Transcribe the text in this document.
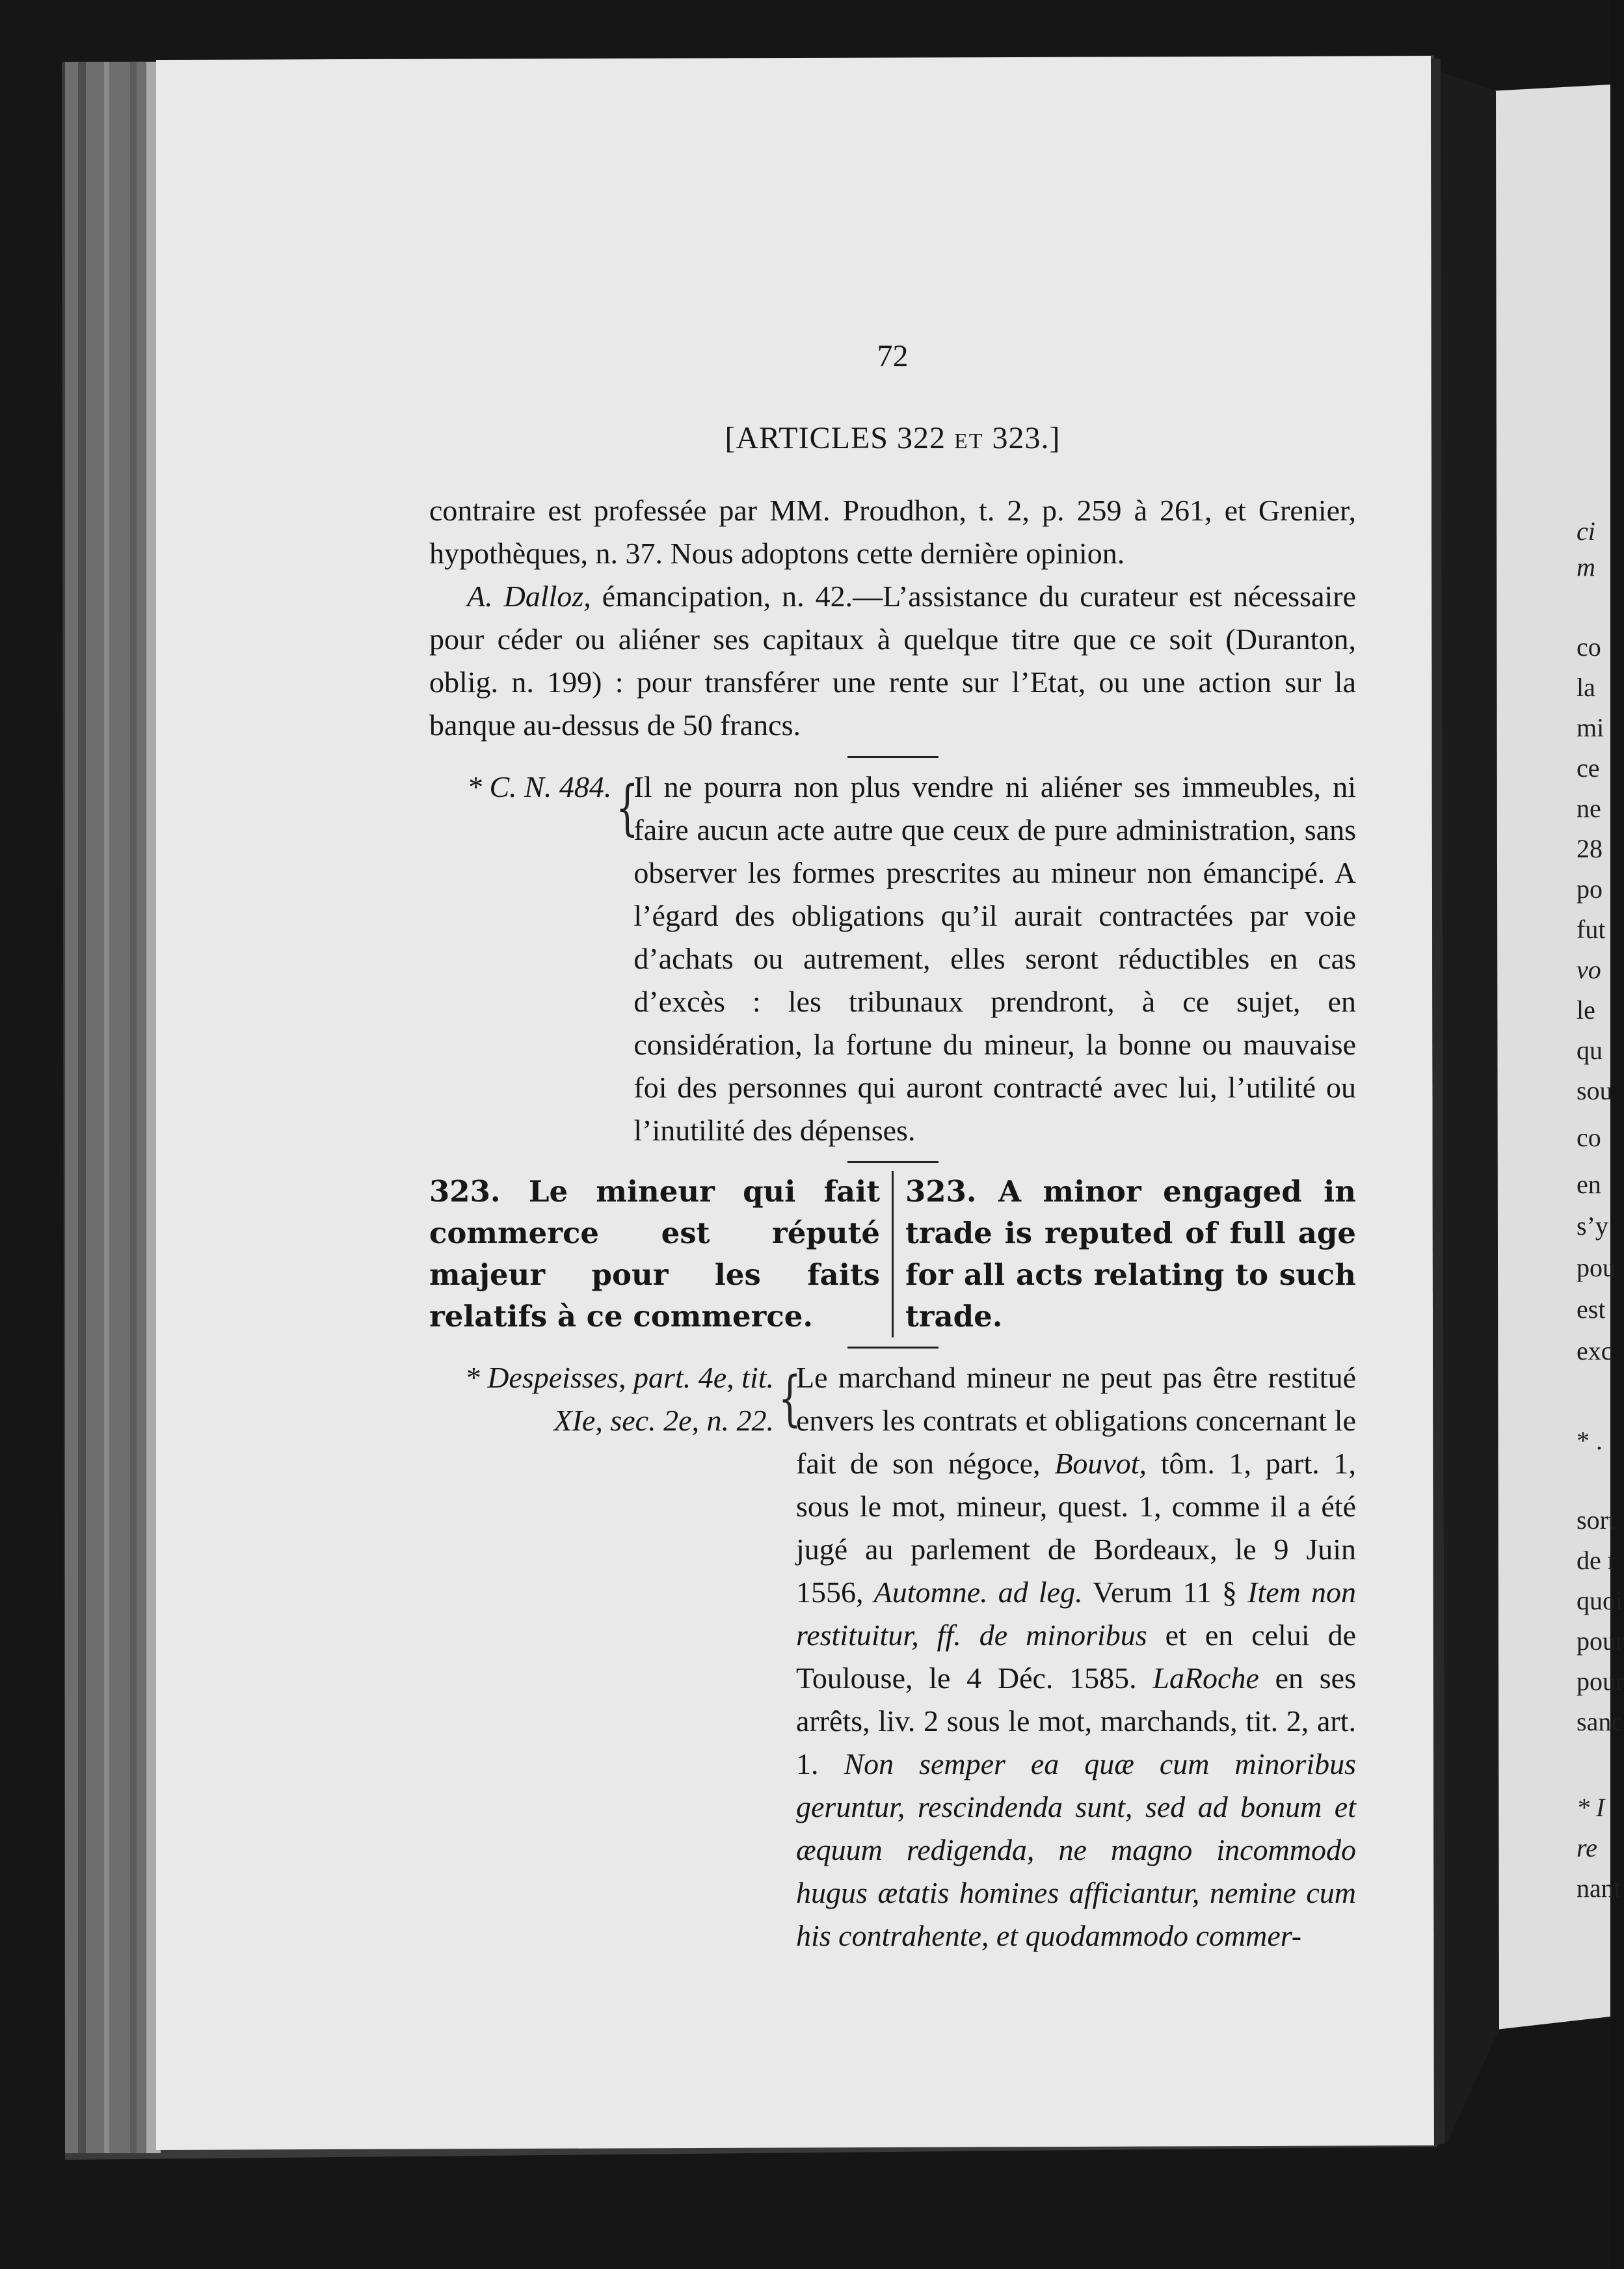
72
[ARTICLES 322 ET 323.]

contraire est professée par MM. Proudhon, t. 2, p. 259 à 261, et Grenier, hypothèques, n. 37. Nous adoptons cette dernière opinion.

A. Dalloz, émancipation, n. 42.—L’assistance du curateur est nécessaire pour céder ou aliéner ses capitaux à quelque titre que ce soit (Duranton, oblig. n. 199) : pour transférer une rente sur l’Etat, ou une action sur la banque au-dessus de 50 francs.

* C. N. 484. {
Il ne pourra non plus vendre ni aliéner ses immeubles, ni faire aucun acte autre que ceux de pure administration, sans observer les formes prescrites au mineur non émancipé. A l’égard des obligations qu’il aurait contractées par voie d’achats ou autrement, elles seront réductibles en cas d’excès : les tribunaux prendront, à ce sujet, en considération, la fortune du mineur, la bonne ou mauvaise foi des personnes qui auront contracté avec lui, l’utilité ou l’inutilité des dépenses.
323. Le mineur qui fait commerce est réputé majeur pour les faits relatifs à ce commerce.
323. A minor engaged in trade is reputed of full age for all acts relating to such trade.
* Despeisses, part. 4e, tit. XIe, sec. 2e, n. 22. {
Le marchand mineur ne peut pas être restitué envers les contrats et obligations concernant le fait de son négoce, Bouvot, tôm. 1, part. 1, sous le mot, mineur, quest. 1, comme il a été jugé au parlement de Bordeaux, le 9 Juin 1556, Automne. ad leg. Verum 11 § Item non restituitur, ff. de minoribus et en celui de Toulouse, le 4 Déc. 1585. LaRoche en ses arrêts, liv. 2 sous le mot, marchands, tit. 2, art. 1. Non semper ea quæ cum minoribus geruntur, rescindenda sunt, sed ad bonum et æquum redigenda, ne magno incommodo hugus ætatis homines afficiantur, nemine cum his contrahente, et quodammodo commer-
ci
m
co
la
mi
ce
ne
28
po
fut
vo
le
qu
sou
co
en
s’y
pou
est
exc
* .
sort
de r
quoi
pour
pour
sanc
* I
re
nant
